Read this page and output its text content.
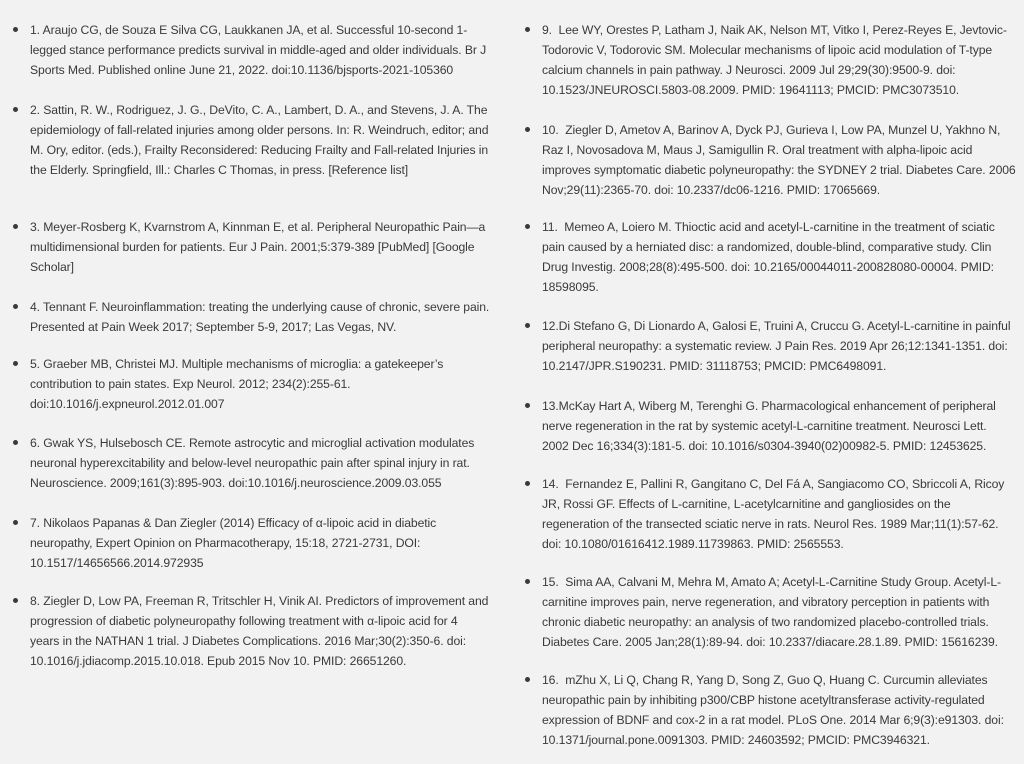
1. Araujo CG, de Souza E Silva CG, Laukkanen JA, et al. Successful 10-second 1-legged stance performance predicts survival in middle-aged and older individuals. Br J Sports Med. Published online June 21, 2022. doi:10.1136/bjsports-2021-105360
2. Sattin, R. W., Rodriguez, J. G., DeVito, C. A., Lambert, D. A., and Stevens, J. A. The epidemiology of fall-related injuries among older persons. In: R. Weindruch, editor; and M. Ory, editor. (eds.), Frailty Reconsidered: Reducing Frailty and Fall-related Injuries in the Elderly. Springfield, Ill.: Charles C Thomas, in press. [Reference list]
3. Meyer-Rosberg K, Kvarnstrom A, Kinnman E, et al. Peripheral Neuropathic Pain—a multidimensional burden for patients. Eur J Pain. 2001;5:379-389 [PubMed] [Google Scholar]
4. Tennant F. Neuroinflammation: treating the underlying cause of chronic, severe pain. Presented at Pain Week 2017; September 5-9, 2017; Las Vegas, NV.
5. Graeber MB, Christei MJ. Multiple mechanisms of microglia: a gatekeeper’s contribution to pain states. Exp Neurol. 2012; 234(2):255-61. doi:10.1016/j.expneurol.2012.01.007
6. Gwak YS, Hulsebosch CE. Remote astrocytic and microglial activation modulates neuronal hyperexcitability and below-level neuropathic pain after spinal injury in rat. Neuroscience. 2009;161(3):895-903. doi:10.1016/j.neuroscience.2009.03.055
7. Nikolaos Papanas & Dan Ziegler (2014) Efficacy of α-lipoic acid in diabetic neuropathy, Expert Opinion on Pharmacotherapy, 15:18, 2721-2731, DOI: 10.1517/14656566.2014.972935
8. Ziegler D, Low PA, Freeman R, Tritschler H, Vinik AI. Predictors of improvement and progression of diabetic polyneuropathy following treatment with α-lipoic acid for 4 years in the NATHAN 1 trial. J Diabetes Complications. 2016 Mar;30(2):350-6. doi: 10.1016/j.jdiacomp.2015.10.018. Epub 2015 Nov 10. PMID: 26651260.
9.  Lee WY, Orestes P, Latham J, Naik AK, Nelson MT, Vitko I, Perez-Reyes E, Jevtovic-Todorovic V, Todorovic SM. Molecular mechanisms of lipoic acid modulation of T-type calcium channels in pain pathway. J Neurosci. 2009 Jul 29;29(30):9500-9. doi: 10.1523/JNEUROSCI.5803-08.2009. PMID: 19641113; PMCID: PMC3073510.
10.  Ziegler D, Ametov A, Barinov A, Dyck PJ, Gurieva I, Low PA, Munzel U, Yakhno N, Raz I, Novosadova M, Maus J, Samigullin R. Oral treatment with alpha-lipoic acid improves symptomatic diabetic polyneuropathy: the SYDNEY 2 trial. Diabetes Care. 2006 Nov;29(11):2365-70. doi: 10.2337/dc06-1216. PMID: 17065669.
11.  Memeo A, Loiero M. Thioctic acid and acetyl-L-carnitine in the treatment of sciatic pain caused by a herniated disc: a randomized, double-blind, comparative study. Clin Drug Investig. 2008;28(8):495-500. doi: 10.2165/00044011-200828080-00004. PMID: 18598095.
12.Di Stefano G, Di Lionardo A, Galosi E, Truini A, Cruccu G. Acetyl-L-carnitine in painful peripheral neuropathy: a systematic review. J Pain Res. 2019 Apr 26;12:1341-1351. doi: 10.2147/JPR.S190231. PMID: 31118753; PMCID: PMC6498091.
13.McKay Hart A, Wiberg M, Terenghi G. Pharmacological enhancement of peripheral nerve regeneration in the rat by systemic acetyl-L-carnitine treatment. Neurosci Lett. 2002 Dec 16;334(3):181-5. doi: 10.1016/s0304-3940(02)00982-5. PMID: 12453625.
14.  Fernandez E, Pallini R, Gangitano C, Del Fá A, Sangiacomo CO, Sbriccoli A, Ricoy JR, Rossi GF. Effects of L-carnitine, L-acetylcarnitine and gangliosides on the regeneration of the transected sciatic nerve in rats. Neurol Res. 1989 Mar;11(1):57-62. doi: 10.1080/01616412.1989.11739863. PMID: 2565553.
15.  Sima AA, Calvani M, Mehra M, Amato A; Acetyl-L-Carnitine Study Group. Acetyl-L-carnitine improves pain, nerve regeneration, and vibratory perception in patients with chronic diabetic neuropathy: an analysis of two randomized placebo-controlled trials. Diabetes Care. 2005 Jan;28(1):89-94. doi: 10.2337/diacare.28.1.89. PMID: 15616239.
16.  mZhu X, Li Q, Chang R, Yang D, Song Z, Guo Q, Huang C. Curcumin alleviates neuropathic pain by inhibiting p300/CBP histone acetyltransferase activity-regulated expression of BDNF and cox-2 in a rat model. PLoS One. 2014 Mar 6;9(3):e91303. doi: 10.1371/journal.pone.0091303. PMID: 24603592; PMCID: PMC3946321.
